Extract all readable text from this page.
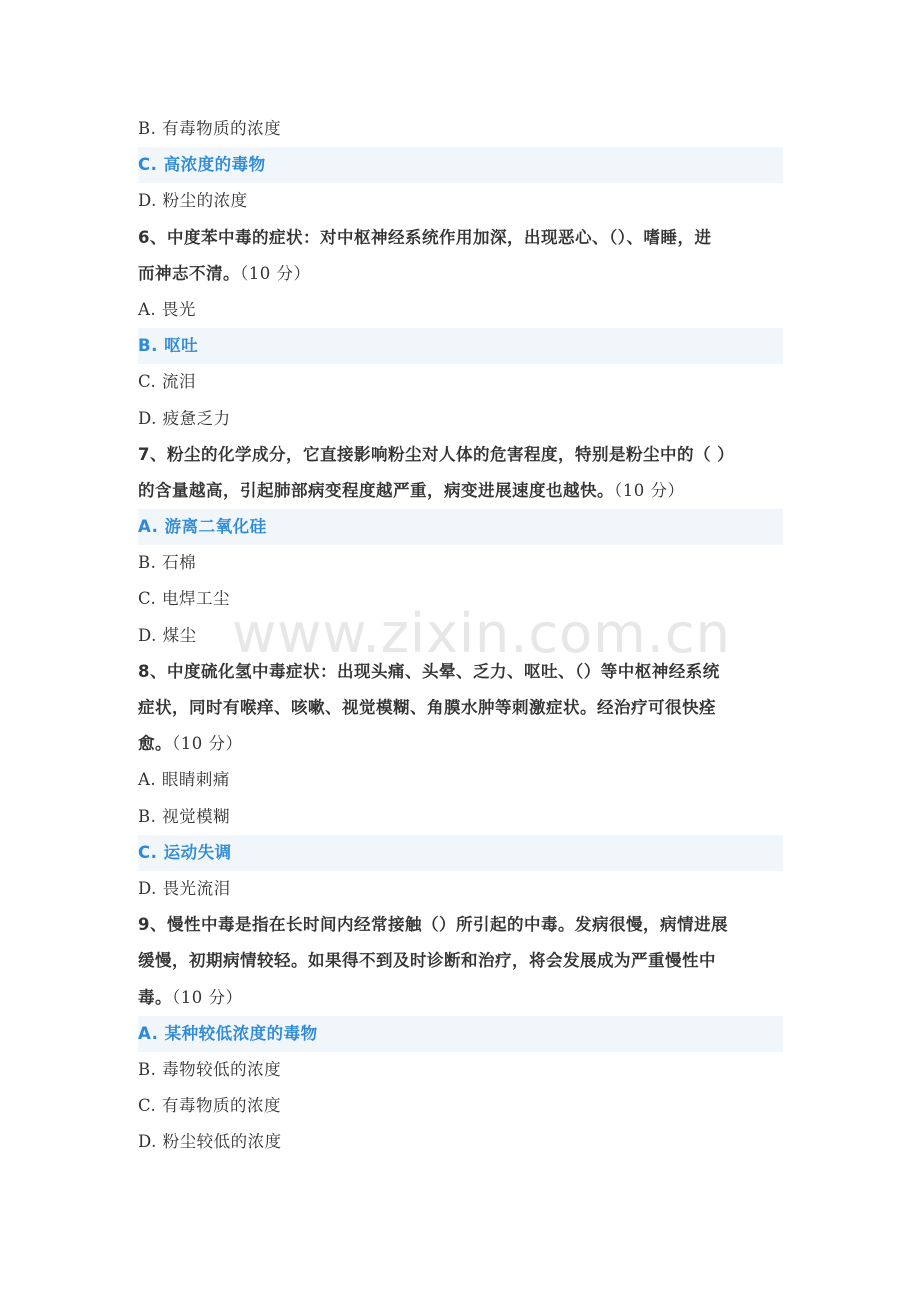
B. 有毒物质的浓度
C. 高浓度的毒物
D. 粉尘的浓度
6、中度苯中毒的症状：对中枢神经系统作用加深，出现恶心、（）、嗜睡，进
而神志不清。（10 分）
A. 畏光
B. 呕吐
C. 流泪
D. 疲惫乏力
7、粉尘的化学成分，它直接影响粉尘对人体的危害程度，特别是粉尘中的（ ）
的含量越高，引起肺部病变程度越严重，病变进展速度也越快。（10 分）
A. 游离二氧化硅
B. 石棉
C. 电焊工尘
D. 煤尘
8、中度硫化氢中毒症状：出现头痛、头晕、乏力、呕吐、（）等中枢神经系统
症状，同时有喉痒、咳嗽、视觉模糊、角膜水肿等刺激症状。经治疗可很快痊
愈。（10 分）
A. 眼睛刺痛
B. 视觉模糊
C. 运动失调
D. 畏光流泪
9、慢性中毒是指在长时间内经常接触（）所引起的中毒。发病很慢，病情进展
缓慢，初期病情较轻。如果得不到及时诊断和治疗，将会发展成为严重慢性中
毒。（10 分）
A. 某种较低浓度的毒物
B. 毒物较低的浓度
C. 有毒物质的浓度
D. 粉尘较低的浓度
www.zixin.com.cn
